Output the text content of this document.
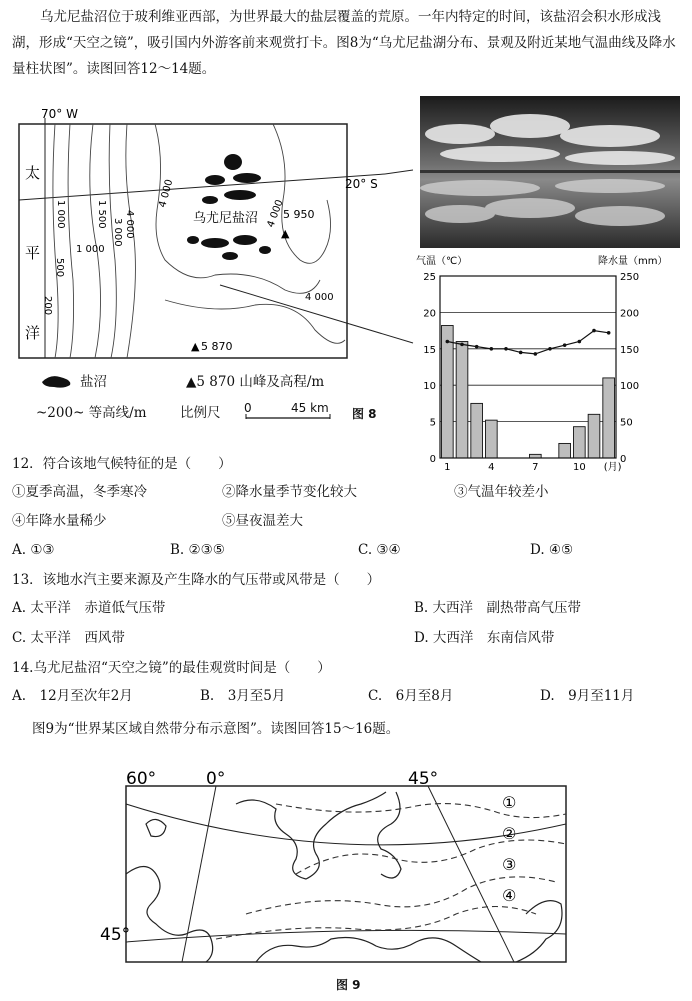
乌尤尼盐沼位于玻利维亚西部，为世界最大的盐层覆盖的荒原。一年内特定的时间，该盐沼会积水形成浅湖，形成“天空之镜”，吸引国内外游客前来观赏打卡。图8为“乌尤尼盐湖分布、景观及附近某地气温曲线及降水量柱状图”。读图回答12～14题。
70° W
20° S
太
平
洋
1 000	1 500
3 000 4 000
1 000
500
200
4 000
4 000
4 000
乌尤尼盐沼
▲
5 950
▲ 5 870
盐沼	▲5 870 山峰及高程/m
~200~ 等高线/m 比例尺 0	45 km 图 8
气温（℃）	降水量（mm）
25	250
20	200
15	150
10	100
5	50
0	0
1	4	7	10 (月)
12．符合该地气候特征的是（　　）
①夏季高温，冬季寒冷	②降水量季节变化较大	③气温年较差小
④年降水量稀少	⑤昼夜温差大
A. ①③	B. ②③⑤	C. ③④	D. ④⑤
13．该地水汽主要来源及产生降水的气压带或风带是（　　）
A. 太平洋　赤道低气压带	B. 大西洋　副热带高气压带
C. 太平洋　西风带	D. 大西洋　东南信风带
14.乌尤尼盐沼“天空之镜”的最佳观赏时间是（　　）
A.　12月至次年2月	B.　3月至5月	C.　6月至8月	D.　9月至11月
图9为“世界某区域自然带分布示意图”。读图回答15～16题。
60°	0°	45°
45°
①
②
③
④
图 9
